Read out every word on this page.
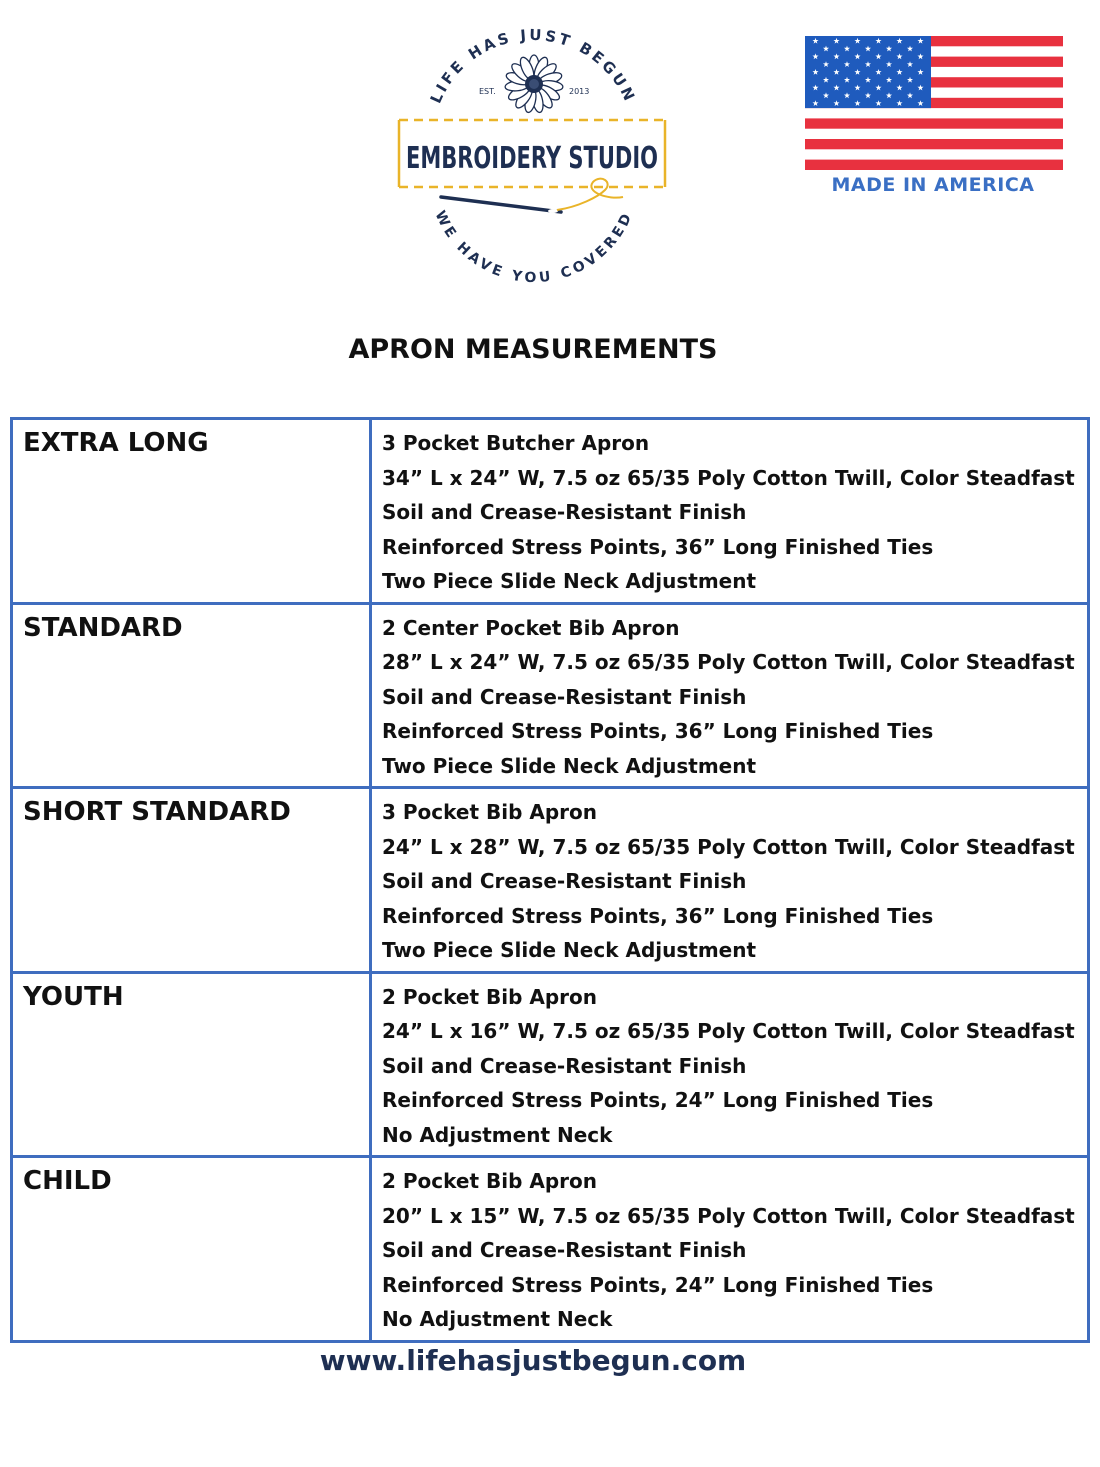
LIFE HAS JUST BEGUN
WE HAVE YOU COVERED
EST.	2013
EMBROIDERY STUDIO
MADE IN AMERICA
APRON MEASUREMENTS
EXTRA LONG	3 Pocket Butcher Apron
34” L x 24” W, 7.5 oz 65/35 Poly Cotton Twill, Color Steadfast
Soil and Crease-Resistant Finish
Reinforced Stress Points, 36” Long Finished Ties
Two Piece Slide Neck Adjustment

STANDARD	2 Center Pocket Bib Apron
28” L x 24” W, 7.5 oz 65/35 Poly Cotton Twill, Color Steadfast
Soil and Crease-Resistant Finish
Reinforced Stress Points, 36” Long Finished Ties
Two Piece Slide Neck Adjustment

SHORT STANDARD	3 Pocket Bib Apron
24” L x 28” W, 7.5 oz 65/35 Poly Cotton Twill, Color Steadfast
Soil and Crease-Resistant Finish
Reinforced Stress Points, 36” Long Finished Ties
Two Piece Slide Neck Adjustment

YOUTH	2 Pocket Bib Apron
24” L x 16” W, 7.5 oz 65/35 Poly Cotton Twill, Color Steadfast
Soil and Crease-Resistant Finish
Reinforced Stress Points, 24” Long Finished Ties
No Adjustment Neck

CHILD	2 Pocket Bib Apron
20” L x 15” W, 7.5 oz 65/35 Poly Cotton Twill, Color Steadfast
Soil and Crease-Resistant Finish
Reinforced Stress Points, 24” Long Finished Ties
No Adjustment Neck
www.lifehasjustbegun.com
